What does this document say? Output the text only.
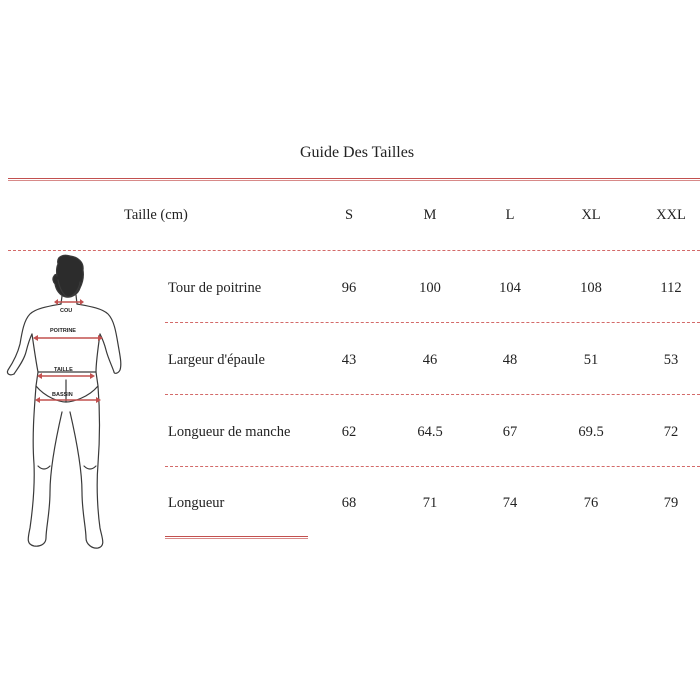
Guide Des Tailles
Taille (cm)	S	M	L	XL	XXL
Tour de poitrine	96	100	104	108	112
Largeur d'épaule	43	46	48	51	53
Longueur de manche	62	64.5	67	69.5	72
Longueur	68	71	74	76	79
COU
POITRINE
TAILLE
BASSIN
